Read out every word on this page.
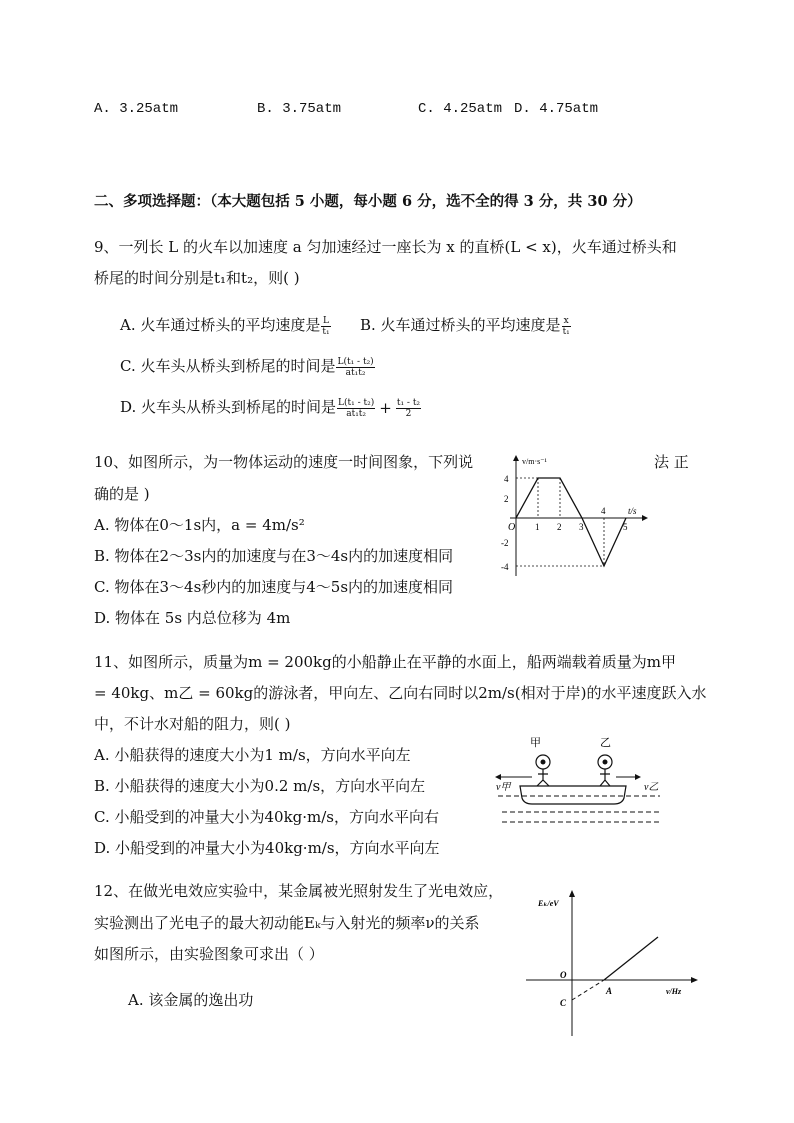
A. 3.25atm	B. 3.75atm	C. 4.25atm D. 4.75atm
二、多项选择题：（本大题包括 5 小题，每小题 6 分，选不全的得 3 分，共 30 分）
9、一列长 L 的火车以加速度 a 匀加速经过一座长为 x 的直桥(L < x)，火车通过桥头和
桥尾的时间分别是t₁和t₂，则( )
A. 火车通过桥头的平均速度是 $\frac{L}{\text{t₁}} B$. 火车通过桥头的平均速度是 $\frac{x}{\text{t₁}}$
C. 火车头从桥头到桥尾的时间是 $\frac{\text{L(t₁ - t₂)}}{\text{at₁t₂}}$
D. 火车头从桥头到桥尾的时间是 $\frac{\text{L(t₁ - t₂)}}{\text{at₁t₂}} + \frac{\text{t₁ - t₂}}{2}$
10、如图所示，为一物体运动的速度一时间图象，下列说	法 正
确的是 )
A. 物体在0～1s内，a = 4m/s²
B. 物体在2～3s内的加速度与在3～4s内的加速度相同
C. 物体在3～4s秒内的加速度与4～5s内的加速度相同
D. 物体在 5s 内总位移为 4m
v/m·s⁻¹
t/s
O
4
2
-2
-4
1 2 3
4
5
11、如图所示，质量为m = 200kg的小船静止在平静的水面上，船两端载着质量为m甲
= 40kg、m乙 = 60kg的游泳者，甲向左、乙向右同时以2m/s(相对于岸)的水平速度跃入水
中，不计水对船的阻力，则( )
A. 小船获得的速度大小为1 m/s，方向水平向左
B. 小船获得的速度大小为0.2 m/s，方向水平向左
C. 小船受到的冲量大小为40kg·m/s，方向水平向右
D. 小船受到的冲量大小为40kg·m/s，方向水平向左
甲	乙
v甲	v乙
12、在做光电效应实验中，某金属被光照射发生了光电效应，
实验测出了光电子的最大初动能Eₖ与入射光的频率ν的关系
如图所示，由实验图象可求出（ ）
A. 该金属的逸出功
Eₖ/eV
ν/Hz
O
C
A
